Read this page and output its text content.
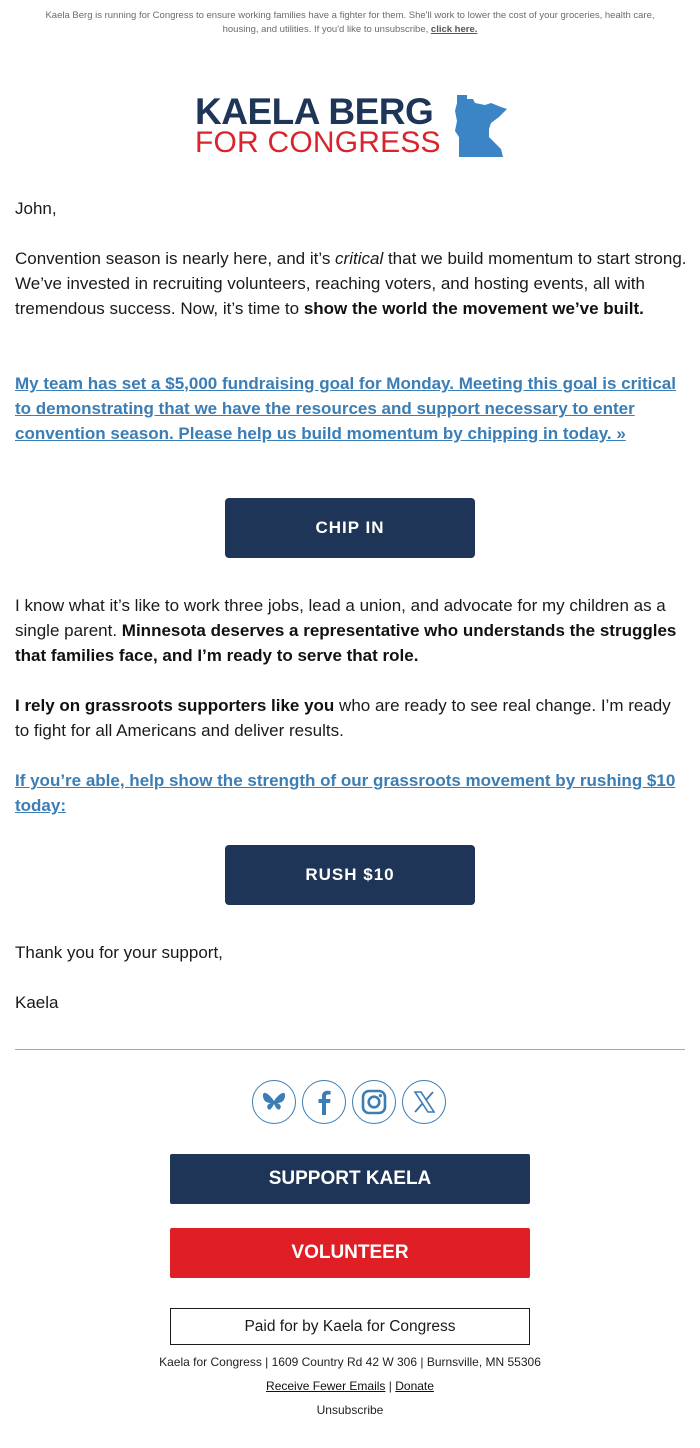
Kaela Berg is running for Congress to ensure working families have a fighter for them. She'll work to lower the cost of your groceries, health care, housing, and utilities. If you'd like to unsubscribe, click here.
KAELA BERG
FOR CONGRESS
John,
Convention season is nearly here, and it’s critical that we build momentum to start strong. We’ve invested in recruiting volunteers, reaching voters, and hosting events, all with tremendous success. Now, it’s time to show the world the movement we’ve built.
My team has set a $5,000 fundraising goal for Monday. Meeting this goal is critical to demonstrating that we have the resources and support necessary to enter convention season. Please help us build momentum by chipping in today. »
CHIP IN
I know what it’s like to work three jobs, lead a union, and advocate for my children as a single parent. Minnesota deserves a representative who understands the struggles that families face, and I’m ready to serve that role.
I rely on grassroots supporters like you who are ready to see real change. I’m ready to fight for all Americans and deliver results.
If you’re able, help show the strength of our grassroots movement by rushing $10 today:
RUSH $10
Thank you for your support,
Kaela
SUPPORT KAELA
VOLUNTEER
Paid for by Kaela for Congress
Kaela for Congress | 1609 Country Rd 42 W 306 | Burnsville, MN 55306
Receive Fewer Emails | Donate
Unsubscribe
